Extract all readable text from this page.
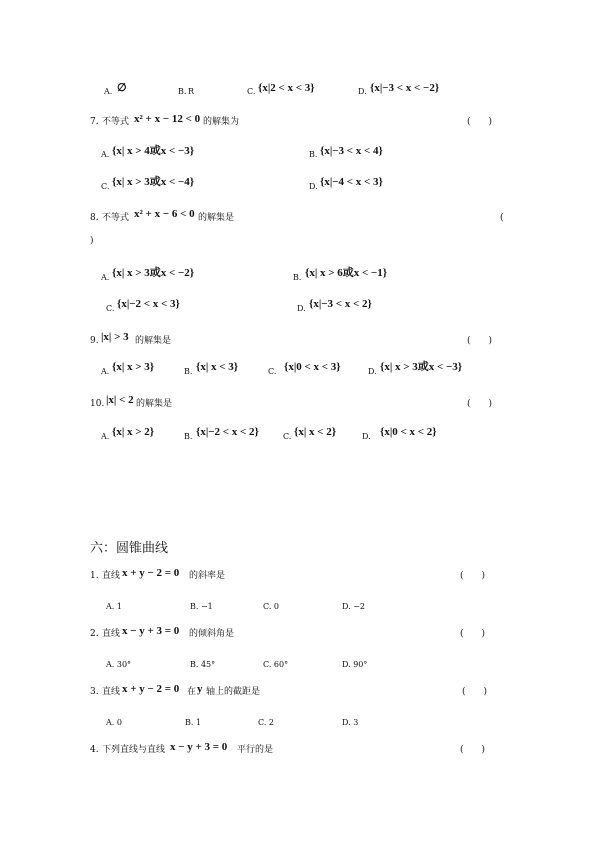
A. ∅	B. R	C. {x|2 < x < 3}	D. {x|−3 < x < −2}
7. 不等式 x² + x − 12 < 0 的解集为	(　　)
A. {x| x > 4或x < −3}	B. {x|−3 < x < 4}
C. {x| x > 3或x < −4}	D. {x|−4 < x < 3}
8. 不等式 x² + x − 6 < 0 的解集是	(
)
A. {x| x > 3或x < −2}	B. {x| x > 6或x < −1}
C. {x|−2 < x < 3}	D. {x|−3 < x < 2}
9. |x| > 3 的解集是	(　　)
A. {x| x > 3}	B. {x| x < 3}	C. {x|0 < x < 3}	D. {x| x > 3或x < −3}
10. |x| < 2 的解集是	(　　)
A. {x| x > 2}	B. {x|−2 < x < 2}	C. {x| x < 2}	D. {x|0 < x < 2}
六：圆锥曲线
1. 直线 x + y − 2 = 0 的斜率是	(　　)
A. 1	B. −1	C. 0	D. −2
2. 直线 x − y + 3 = 0 的倾斜角是	(　　)
A. 30°	B. 45°	C. 60°	D. 90°
3. 直线 x + y − 2 = 0 在 y 轴上的截距是	(　　)
A. 0	B. 1	C. 2	D. 3
4. 下列直线与直线 x − y + 3 = 0 平行的是	(　　)
